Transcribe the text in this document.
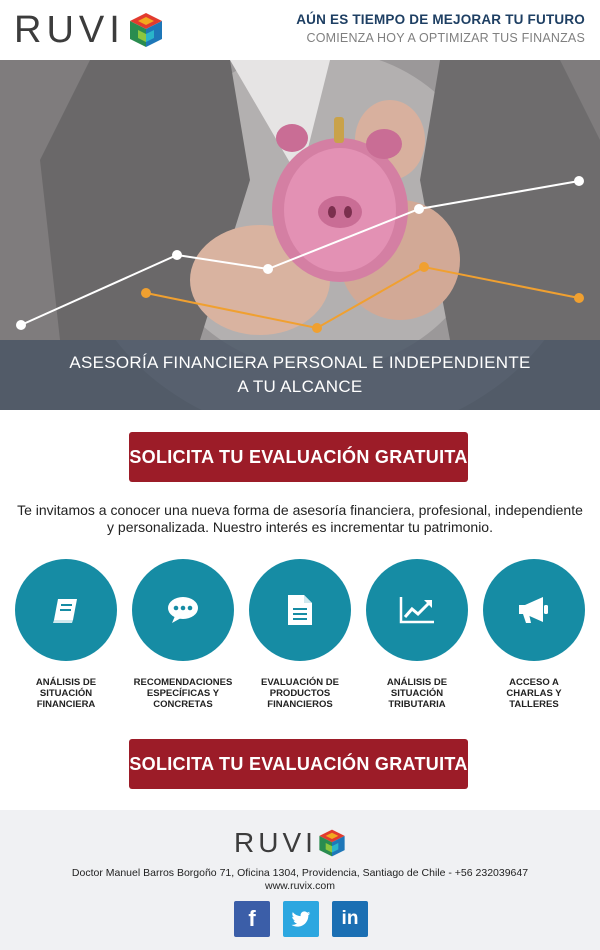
RUVI	AÚN ES TIEMPO DE MEJORAR TU FUTURO
COMIENZA HOY A OPTIMIZAR TUS FINANZAS
ASESORÍA FINANCIERA PERSONAL E INDEPENDIENTE
A TU ALCANCE
SOLICITA TU EVALUACIÓN GRATUITA
Te invitamos a conocer una nueva forma de asesoría financiera, profesional, independiente
y personalizada. Nuestro interés es incrementar tu patrimonio.
ANÁLISIS DE
SITUACIÓN
FINANCIERA
RECOMENDACIONES
ESPECÍFICAS Y
CONCRETAS
EVALUACIÓN DE
PRODUCTOS
FINANCIEROS
ANÁLISIS DE
SITUACIÓN
TRIBUTARIA
ACCESO A
CHARLAS Y
TALLERES
SOLICITA TU EVALUACIÓN GRATUITA
RUVI
Doctor Manuel Barros Borgoño 71, Oficina 1304, Providencia, Santiago de Chile - +56 232039647
www.ruvix.com
f	in
